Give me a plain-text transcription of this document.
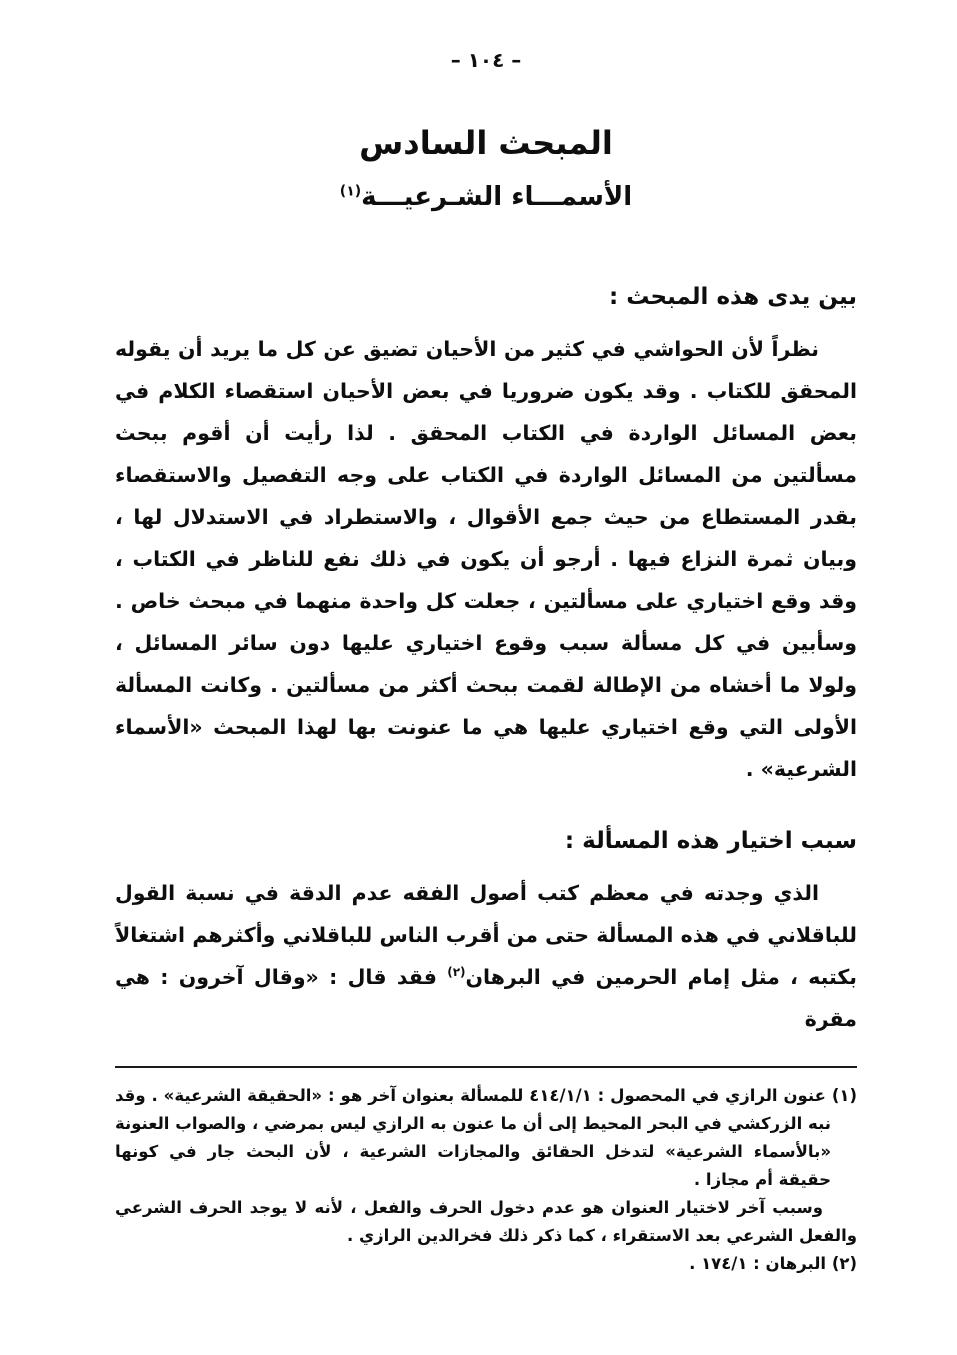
– ١٠٤ –
المبحث السادس
الأسمـــاء الشـرعيـــة$^{(١)}$
بين يدى هذه المبحث :

نظراً لأن الحواشي في كثير من الأحيان تضيق عن كل ما يريد أن يقوله المحقق للكتاب . وقد يكون ضروريا في بعض الأحيان استقصاء الكلام في بعض المسائل الواردة في الكتاب المحقق . لذا رأيت أن أقوم ببحث مسألتين من المسائل الواردة في الكتاب على وجه التفصيل والاستقصاء بقدر المستطاع من حيث جمع الأقوال ، والاستطراد في الاستدلال لها ، وبيان ثمرة النزاع فيها . أرجو أن يكون في ذلك نفع للناظر في الكتاب ، وقد وقع اختياري على مسألتين ، جعلت كل واحدة منهما في مبحث خاص . وسأبين في كل مسألة سبب وقوع اختياري عليها دون سائر المسائل ، ولولا ما أخشاه من الإطالة لقمت ببحث أكثر من مسألتين . وكانت المسألة الأولى التي وقع اختياري عليها هي ما عنونت بها لهذا المبحث «الأسماء الشرعية» .

سبب اختيار هذه المسألة :

الذي وجدته في معظم كتب أصول الفقه عدم الدقة في نسبة القول للباقلاني في هذه المسألة حتى من أقرب الناس للباقلاني وأكثرهم اشتغالاً بكتبه ، مثل إمام الحرمين في البرهان$^{(٢)}$ فقد قال : «وقال آخرون : هي مقرة

(١) عنون الرازي في المحصول : ٤١٤/١/١ للمسألة بعنوان آخر هو : «الحقيقة الشرعية» . وقد نبه الزركشي في البحر المحيط إلى أن ما عنون به الرازي ليس بمرضي ، والصواب العنونة «بالأسماء الشرعية» لتدخل الحقائق والمجازات الشرعية ، لأن البحث جار في كونها حقيقة أم مجازا .

وسبب آخر لاختيار العنوان هو عدم دخول الحرف والفعل ، لأنه لا يوجد الحرف الشرعي والفعل الشرعي بعد الاستقراء ، كما ذكر ذلك فخرالدين الرازي .

(٢) البرهان : ١٧٤/١ .
